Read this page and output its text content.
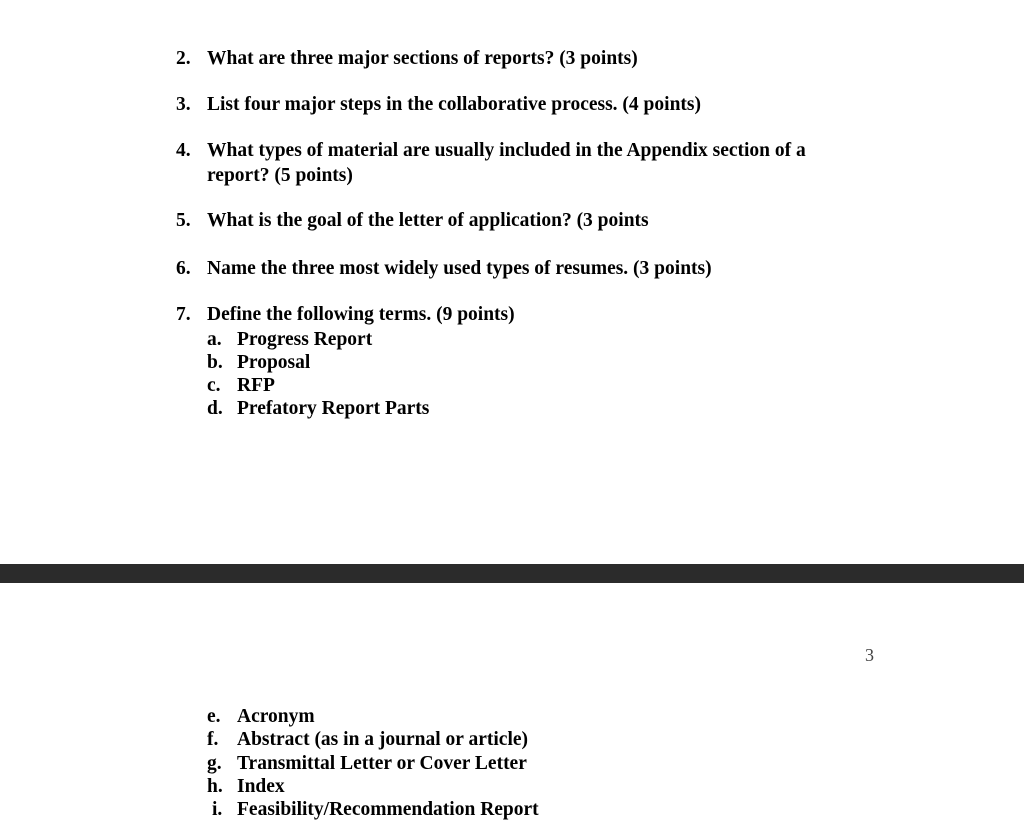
2. What are three major sections of reports? (3 points)
3. List four major steps in the collaborative process. (4 points)
4. What types of material are usually included in the Appendix section of a
report? (5 points)
5. What is the goal of the letter of application? (3 points
6. Name the three most widely used types of resumes. (3 points)
7. Define the following terms. (9 points)
a. Progress Report
b. Proposal
c. RFP
d. Prefatory Report Parts
3
e. Acronym
f. Abstract (as in a journal or article)
g. Transmittal Letter or Cover Letter
h. Index
i. Feasibility/Recommendation Report
